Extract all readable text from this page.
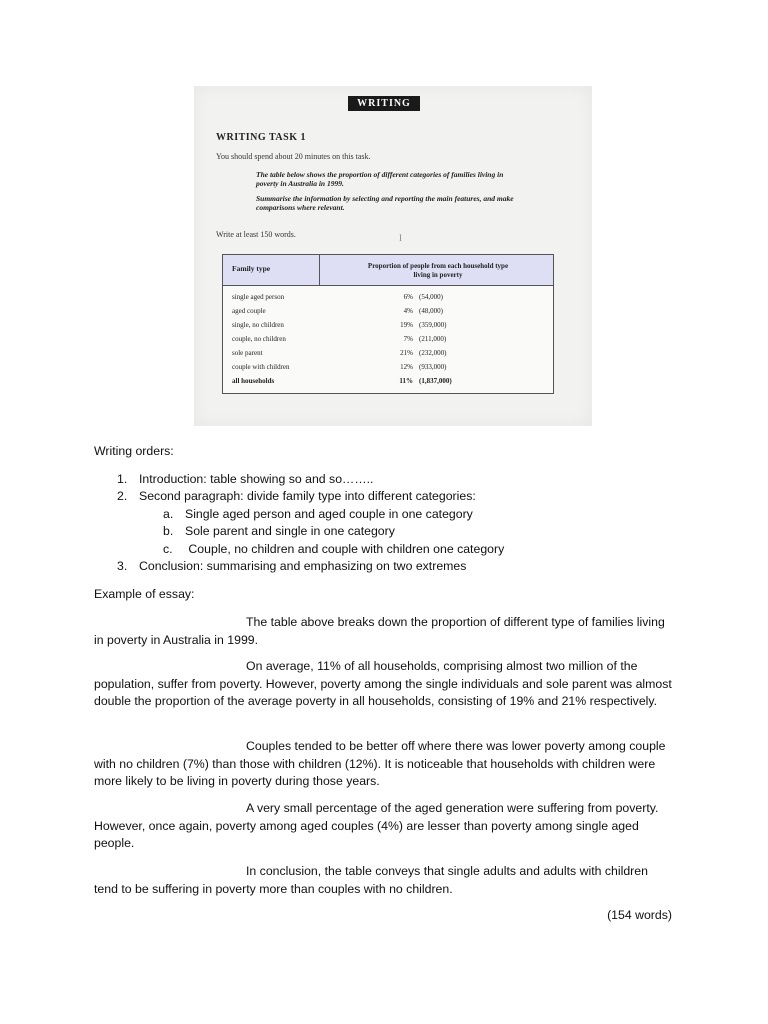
WRITING
WRITING TASK 1
You should spend about 20 minutes on this task.

The table below shows the proportion of different categories of families living in poverty in Australia in 1999.

Summarise the information by selecting and reporting the main features, and make comparisons where relevant.

Write at least 150 words.	I
Family type	Proportion of people from each household type living in poverty
single aged person	6% (54,000)
aged couple	4% (48,000)
single, no children	19% (359,000)
couple, no children	7% (211,000)
sole parent	21% (232,000)
couple with children	12% (933,000)
all households	11% (1,837,000)
Writing orders:
1. Introduction: table showing so and so……..
2. Second paragraph: divide family type into different categories:
a. Single aged person and aged couple in one category
b. Sole parent and single in one category
c. Couple, no children and couple with children one category
3. Conclusion: summarising and emphasizing on two extremes
Example of essay:

The table above breaks down the proportion of different type of families living in poverty in Australia in 1999.

On average, 11% of all households, comprising almost two million of the population, suffer from poverty. However, poverty among the single individuals and sole parent was almost double the proportion of the average poverty in all households, consisting of 19% and 21% respectively.

Couples tended to be better off where there was lower poverty among couple with no children (7%) than those with children (12%). It is noticeable that households with children were more likely to be living in poverty during those years.

A very small percentage of the aged generation were suffering from poverty. However, once again, poverty among aged couples (4%) are lesser than poverty among single aged people.

In conclusion, the table conveys that single adults and adults with children tend to be suffering in poverty more than couples with no children.

(154 words)
